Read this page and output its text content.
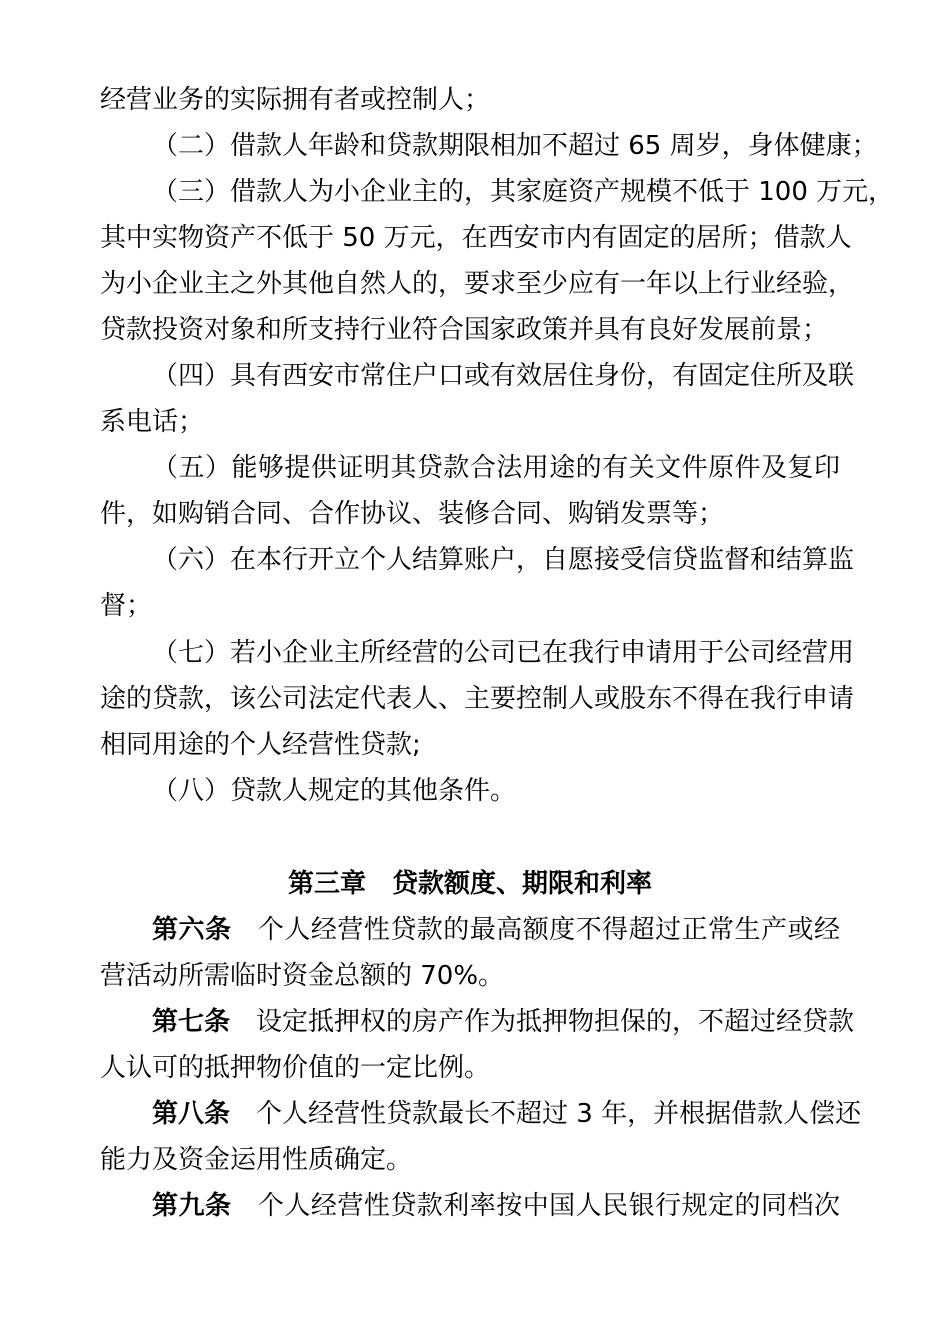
经营业务的实际拥有者或控制人；
（二）借款人年龄和贷款期限相加不超过 65 周岁，身体健康；
（三）借款人为小企业主的，其家庭资产规模不低于 100 万元，
其中实物资产不低于 50 万元，在西安市内有固定的居所；借款人
为小企业主之外其他自然人的，要求至少应有一年以上行业经验，
贷款投资对象和所支持行业符合国家政策并具有良好发展前景；
（四）具有西安市常住户口或有效居住身份，有固定住所及联
系电话；
（五）能够提供证明其贷款合法用途的有关文件原件及复印
件，如购销合同、合作协议、装修合同、购销发票等；
（六）在本行开立个人结算账户，自愿接受信贷监督和结算监
督；
（七）若小企业主所经营的公司已在我行申请用于公司经营用
途的贷款，该公司法定代表人、主要控制人或股东不得在我行申请
相同用途的个人经营性贷款;
（八）贷款人规定的其他条件。
第三章　贷款额度、期限和利率
第六条　 个人经营性贷款的最高额度不得超过正常生产或经
营活动所需临时资金总额的 70%。
第七条　 设定抵押权的房产作为抵押物担保的，不超过经贷款
人认可的抵押物价值的一定比例。
第八条　 个人经营性贷款最长不超过 3 年，并根据借款人偿还
能力及资金运用性质确定。
第九条　 个人经营性贷款利率按中国人民银行规定的同档次
